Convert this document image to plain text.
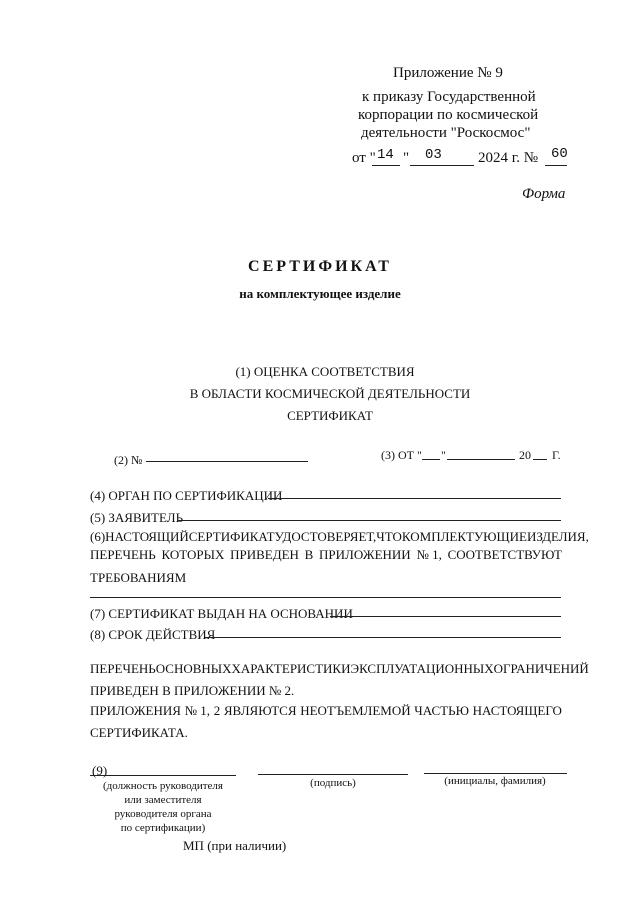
Приложение № 9
к приказу Государственной
корпорации по космической
деятельности "Роскосмос"
от " 14 " 03 2024 г. № 60
Форма
СЕРТИФИКАТ
на комплектующее изделие
(1) ОЦЕНКА СООТВЕТСТВИЯ
В ОБЛАСТИ КОСМИЧЕСКОЙ ДЕЯТЕЛЬНОСТИ
СЕРТИФИКАТ
(2) №	(3) ОТ " "	20 Г.
(4) ОРГАН ПО СЕРТИФИКАЦИИ
(5) ЗАЯВИТЕЛЬ
(6) НАСТОЯЩИЙ СЕРТИФИКАТ УДОСТОВЕРЯЕТ, ЧТО КОМПЛЕКТУЮЩИЕ ИЗДЕЛИЯ,
ПЕРЕЧЕНЬ КОТОРЫХ ПРИВЕДЕН В ПРИЛОЖЕНИИ № 1, СООТВЕТСТВУЮТ
ТРЕБОВАНИЯМ
(7) СЕРТИФИКАТ ВЫДАН НА ОСНОВАНИИ
(8) СРОК ДЕЙСТВИЯ
ПЕРЕЧЕНЬ ОСНОВНЫХ ХАРАКТЕРИСТИК И ЭКСПЛУАТАЦИОННЫХ ОГРАНИЧЕНИЙ
ПРИВЕДЕН В ПРИЛОЖЕНИИ № 2.
ПРИЛОЖЕНИЯ № 1, 2 ЯВЛЯЮТСЯ НЕОТЪЕМЛЕМОЙ ЧАСТЬЮ НАСТОЯЩЕГО
СЕРТИФИКАТА.
(9)
(должность руководителя
или заместителя
руководителя органа
по сертификации)
(подпись)	(инициалы, фамилия)
МП (при наличии)
